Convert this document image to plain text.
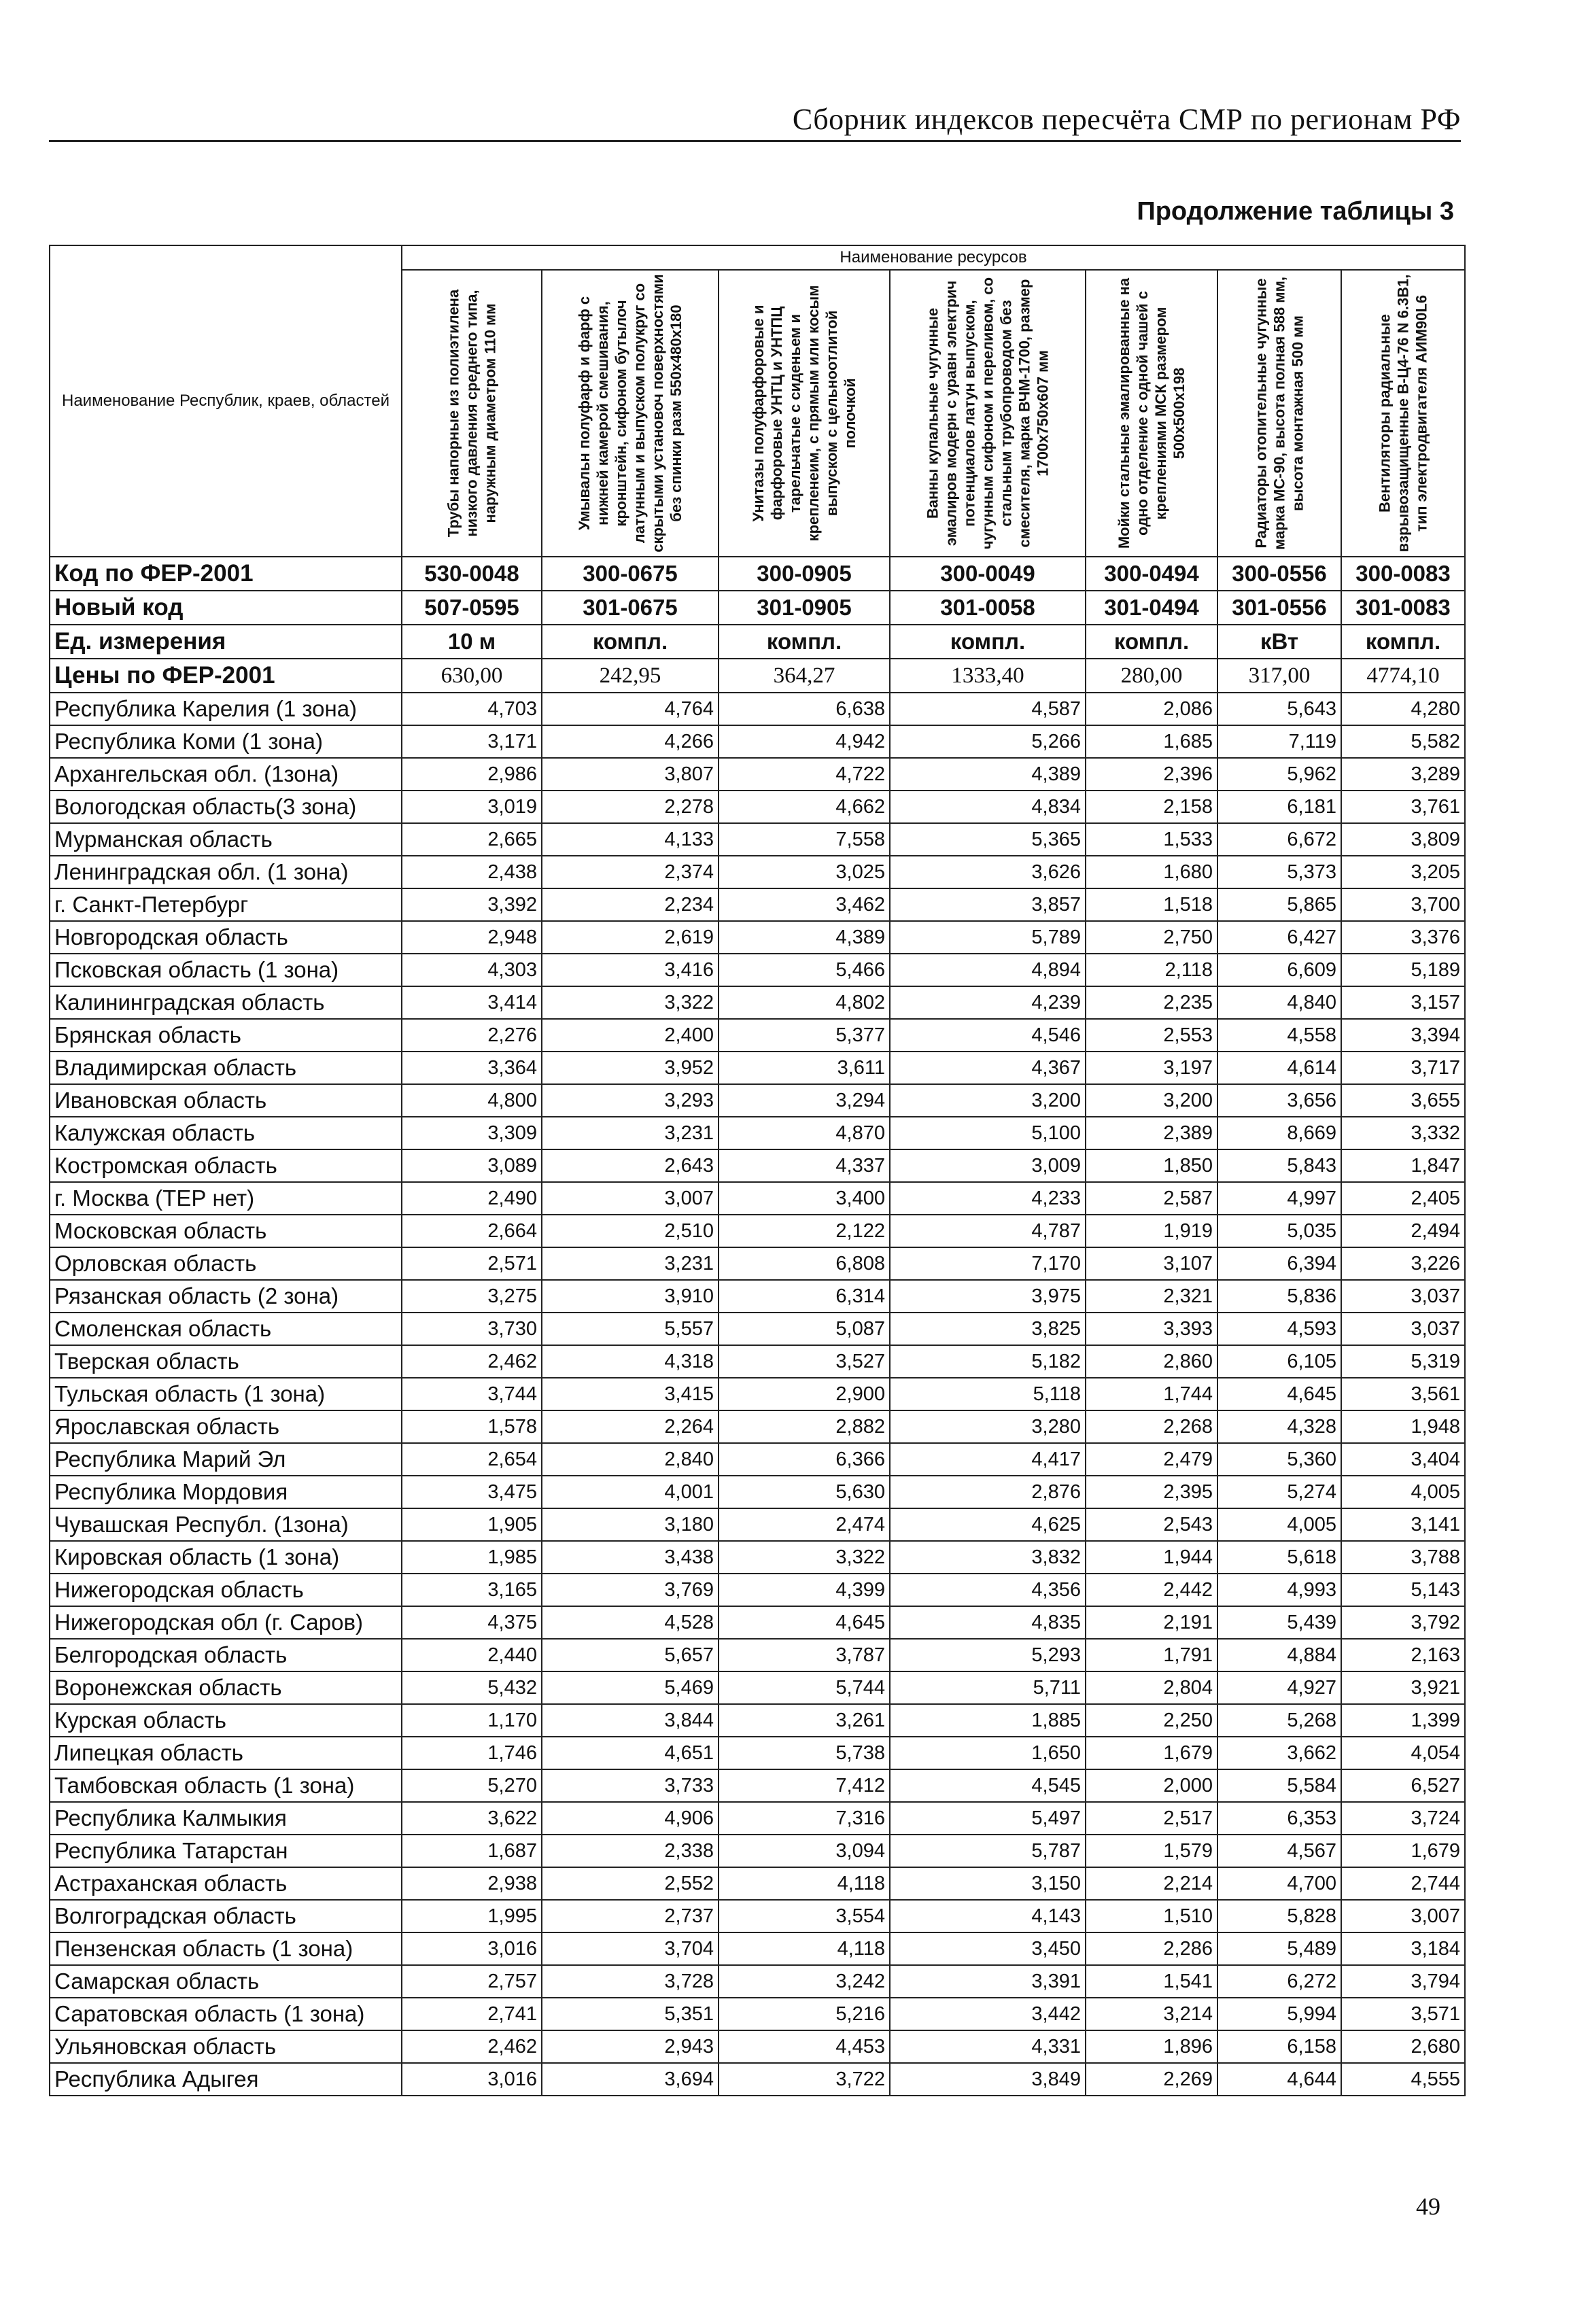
Сборник индексов пересчёта СМР по регионам РФ
Продолжение таблицы 3
Наименование Республик, краев, областей	Наименование ресурсов						

	Трубы напорные из полиэтилена низкого давления среднего типа, наружным диаметром 110 мм	Умывальн полуфарф и фарф с нижней камерой смешивания, кронштейн, сифоном бутылоч латунным и выпуском полукруг со скрытыми установоч поверхностями без спинки разм 550x480x180	Унитазы полуфарфоровые и фарфоровые УНТЦ и УНТПЦ тарельчатые с сиденьем и крепленеим, с прямым или косым выпуском с цельноотлитой полочкой	Ванны купальные чугунные эмалиров модерн с уравн электрич потенциалов латун выпуском, чугунным сифоном и переливом, со стальным трубопроводом без смесителя, марка ВЧМ-1700, размер 1700х750х607 мм	Мойки стальные эмалированные на одно отделение с одной чашей с креплениями МСК размером 500х500х198	Радиаторы отопительные чугунные марка МС-90, высота полная 588 мм, высота монтажная 500 мм	Вентиляторы радиальные взрывозащищенные В-Ц4-76 N 6.3В1, тип электродвигателя АИМ90L6

Код по ФЕР-2001	530-0048	300-0675	300-0905	300-0049	300-0494	300-0556	300-0083
Новый код	507-0595	301-0675	301-0905	301-0058	301-0494	301-0556	301-0083
Ед. измерения	10 м	компл.	компл.	компл.	компл.	кВт	компл.
Цены по ФЕР-2001	630,00	242,95	364,27	1333,40	280,00	317,00	4774,10
Республика Карелия (1 зона)	4,703	4,764	6,638	4,587	2,086	5,643	4,280
Республика Коми (1 зона)	3,171	4,266	4,942	5,266	1,685	7,119	5,582
Архангельская обл. (1зона)	2,986	3,807	4,722	4,389	2,396	5,962	3,289
Вологодская область(3 зона)	3,019	2,278	4,662	4,834	2,158	6,181	3,761
Мурманская область	2,665	4,133	7,558	5,365	1,533	6,672	3,809
Ленинградская обл. (1 зона)	2,438	2,374	3,025	3,626	1,680	5,373	3,205
г. Санкт-Петербург	3,392	2,234	3,462	3,857	1,518	5,865	3,700
Новгородская область	2,948	2,619	4,389	5,789	2,750	6,427	3,376
Псковская область (1 зона)	4,303	3,416	5,466	4,894	2,118	6,609	5,189
Калининградская область	3,414	3,322	4,802	4,239	2,235	4,840	3,157
Брянская область	2,276	2,400	5,377	4,546	2,553	4,558	3,394
Владимирская область	3,364	3,952	3,611	4,367	3,197	4,614	3,717
Ивановская область	4,800	3,293	3,294	3,200	3,200	3,656	3,655
Калужская область	3,309	3,231	4,870	5,100	2,389	8,669	3,332
Костромская область	3,089	2,643	4,337	3,009	1,850	5,843	1,847
г. Москва (ТЕР нет)	2,490	3,007	3,400	4,233	2,587	4,997	2,405
Московская область	2,664	2,510	2,122	4,787	1,919	5,035	2,494
Орловская область	2,571	3,231	6,808	7,170	3,107	6,394	3,226
Рязанская область (2 зона)	3,275	3,910	6,314	3,975	2,321	5,836	3,037
Смоленская область	3,730	5,557	5,087	3,825	3,393	4,593	3,037
Тверская область	2,462	4,318	3,527	5,182	2,860	6,105	5,319
Тульская область (1 зона)	3,744	3,415	2,900	5,118	1,744	4,645	3,561
Ярославская область	1,578	2,264	2,882	3,280	2,268	4,328	1,948
Республика Марий Эл	2,654	2,840	6,366	4,417	2,479	5,360	3,404
Республика Мордовия	3,475	4,001	5,630	2,876	2,395	5,274	4,005
Чувашская Республ. (1зона)	1,905	3,180	2,474	4,625	2,543	4,005	3,141
Кировская область (1 зона)	1,985	3,438	3,322	3,832	1,944	5,618	3,788
Нижегородская область	3,165	3,769	4,399	4,356	2,442	4,993	5,143
Нижегородская обл (г. Саров)	4,375	4,528	4,645	4,835	2,191	5,439	3,792
Белгородская область	2,440	5,657	3,787	5,293	1,791	4,884	2,163
Воронежская область	5,432	5,469	5,744	5,711	2,804	4,927	3,921
Курская область	1,170	3,844	3,261	1,885	2,250	5,268	1,399
Липецкая область	1,746	4,651	5,738	1,650	1,679	3,662	4,054
Тамбовская область (1 зона)	5,270	3,733	7,412	4,545	2,000	5,584	6,527
Республика Калмыкия	3,622	4,906	7,316	5,497	2,517	6,353	3,724
Республика Татарстан	1,687	2,338	3,094	5,787	1,579	4,567	1,679
Астраханская область	2,938	2,552	4,118	3,150	2,214	4,700	2,744
Волгоградская область	1,995	2,737	3,554	4,143	1,510	5,828	3,007
Пензенская область (1 зона)	3,016	3,704	4,118	3,450	2,286	5,489	3,184
Самарская область	2,757	3,728	3,242	3,391	1,541	6,272	3,794
Саратовская область (1 зона)	2,741	5,351	5,216	3,442	3,214	5,994	3,571
Ульяновская область	2,462	2,943	4,453	4,331	1,896	6,158	2,680
Республика Адыгея	3,016	3,694	3,722	3,849	2,269	4,644	4,555
49
